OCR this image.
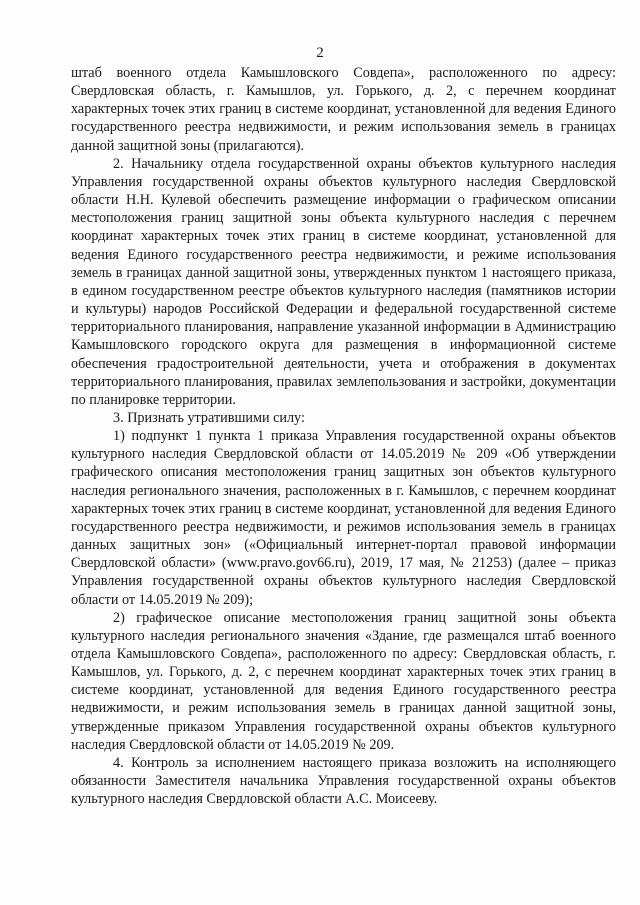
2

штаб военного отдела Камышловского Совдепа», расположенного по адресу: Свердловская область, г. Камышлов, ул. Горького, д. 2, с перечнем координат характерных точек этих границ в системе координат, установленной для ведения Единого государственного реестра недвижимости, и режим использования земель в границах данной защитной зоны (прилагаются).

2. Начальнику отдела государственной охраны объектов культурного наследия Управления государственной охраны объектов культурного наследия Свердловской области Н.Н. Кулевой обеспечить размещение информации о графическом описании местоположения границ защитной зоны объекта культурного наследия с перечнем координат характерных точек этих границ в системе координат, установленной для ведения Единого государственного реестра недвижимости, и режиме использования земель в границах данной защитной зоны, утвержденных пунктом 1 настоящего приказа, в едином государственном реестре объектов культурного наследия (памятников истории и культуры) народов Российской Федерации и федеральной государственной системе территориального планирования, направление указанной информации в Администрацию Камышловского городского округа для размещения в информационной системе обеспечения градостроительной деятельности, учета и отображения в документах территориального планирования, правилах землепользования и застройки, документации по планировке территории.

3. Признать утратившими силу:

1) подпункт 1 пункта 1 приказа Управления государственной охраны объектов культурного наследия Свердловской области от 14.05.2019 № 209 «Об утверждении графического описания местоположения границ защитных зон объектов культурного наследия регионального значения, расположенных в г. Камышлов, с перечнем координат характерных точек этих границ в системе координат, установленной для ведения Единого государственного реестра недвижимости, и режимов использования земель в границах данных защитных зон» («Официальный интернет-портал правовой информации Свердловской области» (www.pravo.gov66.ru), 2019, 17 мая, № 21253) (далее – приказ Управления государственной охраны объектов культурного наследия Свердловской области от 14.05.2019 № 209);

2) графическое описание местоположения границ защитной зоны объекта культурного наследия регионального значения «Здание, где размещался штаб военного отдела Камышловского Совдепа», расположенного по адресу: Свердловская область, г. Камышлов, ул. Горького, д. 2, с перечнем координат характерных точек этих границ в системе координат, установленной для ведения Единого государственного реестра недвижимости, и режим использования земель в границах данной защитной зоны, утвержденные приказом Управления государственной охраны объектов культурного наследия Свердловской области от 14.05.2019 № 209.

4. Контроль за исполнением настоящего приказа возложить на исполняющего обязанности Заместителя начальника Управления государственной охраны объектов культурного наследия Свердловской области А.С. Моисееву.
